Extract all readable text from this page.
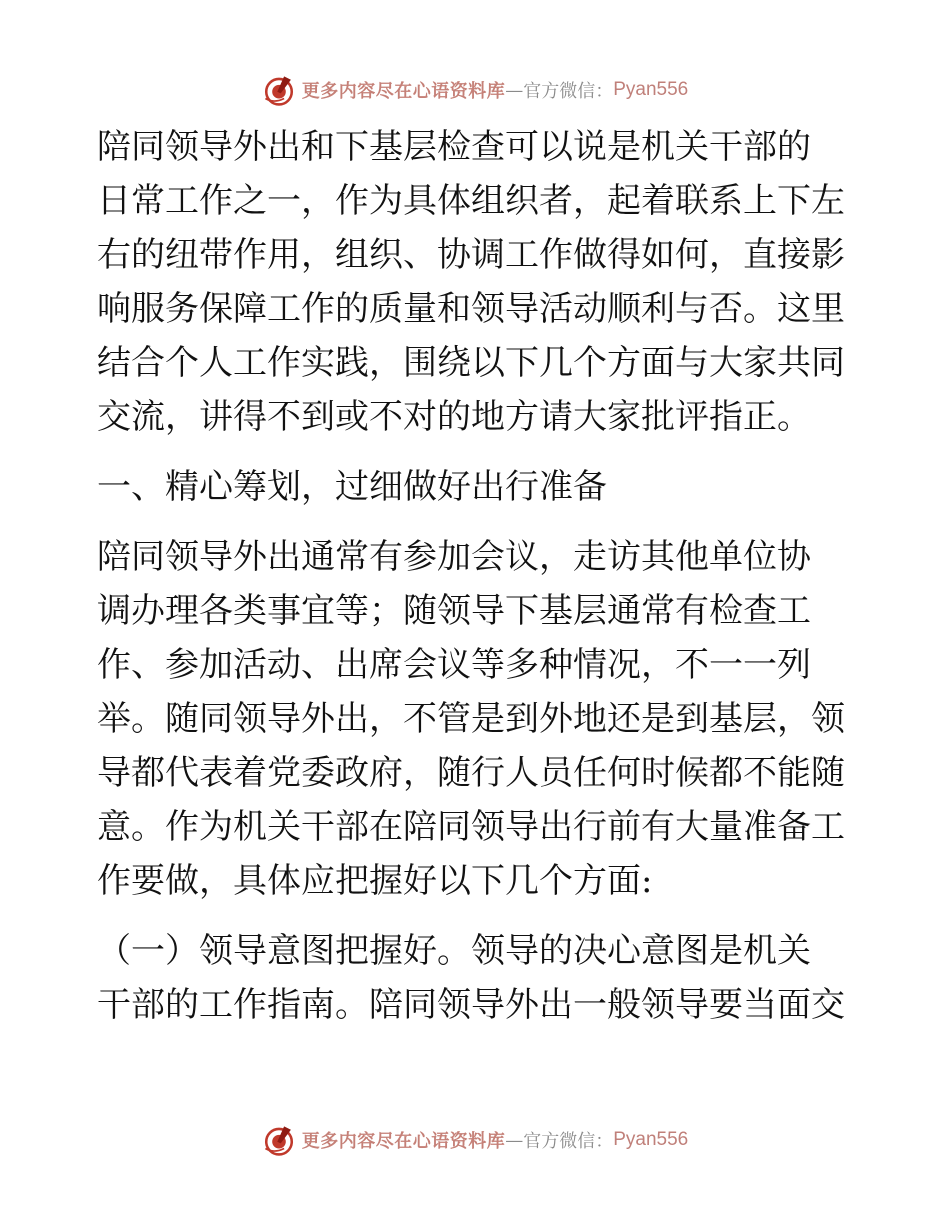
更多内容尽在心语资料库 — 官方微信： Pyan556
陪同领导外出和下基层检查可以说是机关干部的
日常工作之一，作为具体组织者，起着联系上下左
右的纽带作用，组织、协调工作做得如何，直接影
响服务保障工作的质量和领导活动顺利与否。这里
结合个人工作实践，围绕以下几个方面与大家共同
交流，讲得不到或不对的地方请大家批评指正。
一、精心筹划，过细做好出行准备
陪同领导外出通常有参加会议，走访其他单位协
调办理各类事宜等；随领导下基层通常有检查工
作、参加活动、出席会议等多种情况，不一一列
举。随同领导外出，不管是到外地还是到基层，领
导都代表着党委政府，随行人员任何时候都不能随
意。作为机关干部在陪同领导出行前有大量准备工
作要做，具体应把握好以下几个方面:
（一）领导意图把握好。领导的决心意图是机关
干部的工作指南。陪同领导外出一般领导要当面交
更多内容尽在心语资料库 — 官方微信： Pyan556
